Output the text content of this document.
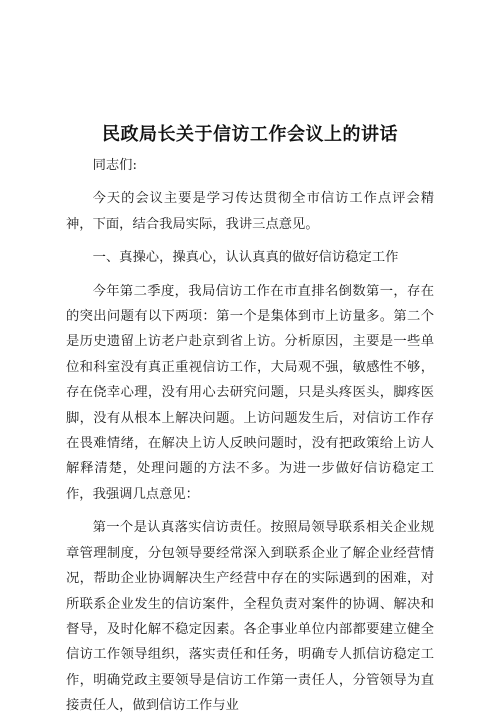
民政局长关于信访工作会议上的讲话

同志们:

今天的会议主要是学习传达贯彻全市信访工作点评会精神，下面，结合我局实际，我讲三点意见。

一、真操心，操真心，认认真真的做好信访稳定工作

今年第二季度，我局信访工作在市直排名倒数第一，存在的突出问题有以下两项：第一个是集体到市上访量多。第二个是历史遗留上访老户赴京到省上访。分析原因，主要是一些单位和科室没有真正重视信访工作，大局观不强，敏感性不够，存在侥幸心理，没有用心去研究问题，只是头疼医头，脚疼医脚，没有从根本上解决问题。上访问题发生后，对信访工作存在畏难情绪，在解决上访人反映问题时，没有把政策给上访人解释清楚，处理问题的方法不多。为进一步做好信访稳定工作，我强调几点意见：

第一个是认真落实信访责任。按照局领导联系相关企业规章管理制度，分包领导要经常深入到联系企业了解企业经营情况，帮助企业协调解决生产经营中存在的实际遇到的困难，对所联系企业发生的信访案件，全程负责对案件的协调、解决和督导，及时化解不稳定因素。各企事业单位内部都要建立健全信访工作领导组织，落实责任和任务，明确专人抓信访稳定工作，明确党政主要领导是信访工作第一责任人，分管领导为直接责任人，做到信访工作与业
